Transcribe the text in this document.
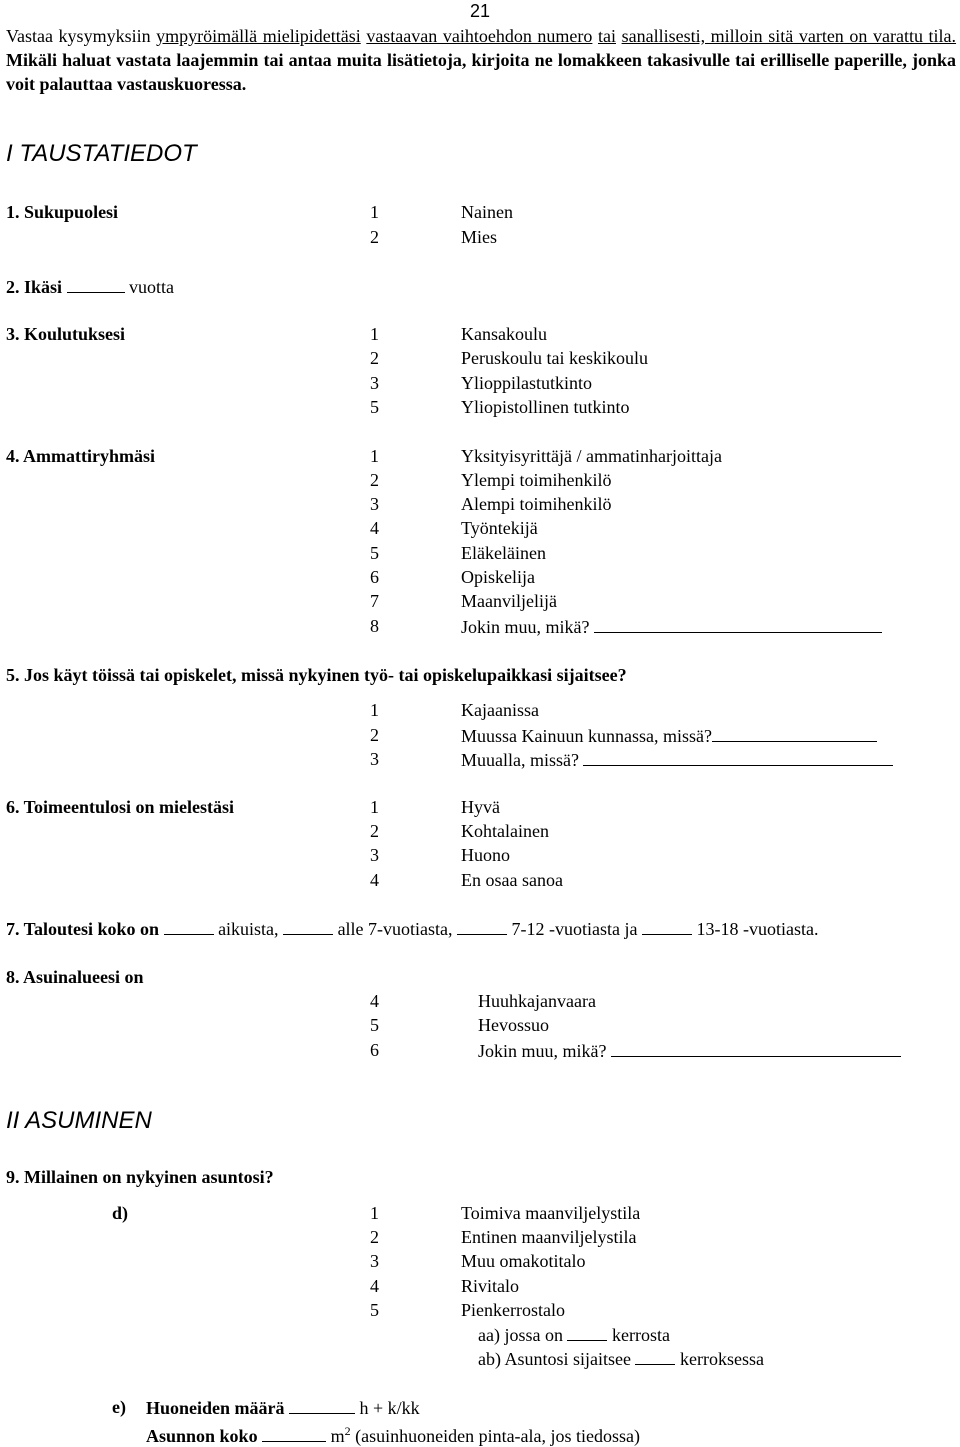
21
Vastaa kysymyksiin ympyröimällä mielipidettäsi vastaavan vaihtoehdon numero tai sanallisesti, milloin sitä varten on varattu tila. Mikäli haluat vastata laajemmin tai antaa muita lisätietoja, kirjoita ne lomakkeen takasivulle tai erilliselle paperille, jonka voit palauttaa vastauskuoressa.
I TAUSTATIEDOT
1. Sukupuolesi	1	Nainen
2	Mies
2. Ikäsi	vuotta
3. Koulutuksesi	1	Kansakoulu
2	Peruskoulu tai keskikoulu
3	Ylioppilastutkinto
5	Yliopistollinen tutkinto
4. Ammattiryhmäsi	1	Yksityisyrittäjä / ammatinharjoittaja
2	Ylempi toimihenkilö
3	Alempi toimihenkilö
4	Työntekijä
5	Eläkeläinen
6	Opiskelija
7	Maanviljelijä
8	Jokin muu, mikä?
5. Jos käyt töissä tai opiskelet, missä nykyinen työ- tai opiskelupaikkasi sijaitsee?
1	Kajaanissa
2	Muussa Kainuun kunnassa, missä?
3	Muualla, missä?
6. Toimeentulosi on mielestäsi	1	Hyvä
2	Kohtalainen
3	Huono
4	En osaa sanoa
7. Taloutesi koko on	aikuista,	alle 7-vuotiasta,	7-12 -vuotiasta ja	13-18 -vuotiasta.
8. Asuinalueesi on
4	Huuhkajanvaara
5	Hevossuo
6	Jokin muu, mikä?
II ASUMINEN
9. Millainen on nykyinen asuntosi?
d)	1	Toimiva maanviljelystila
2	Entinen maanviljelystila
3	Muu omakotitalo
4	Rivitalo
5	Pienkerrostalo
aa) jossa on	kerrosta
ab) Asuntosi sijaitsee	kerroksessa
e) Huoneiden määrä	h + k/kk
Asunnon koko	$m^2$ (asuinhuoneiden pinta-ala, jos tiedossa)
